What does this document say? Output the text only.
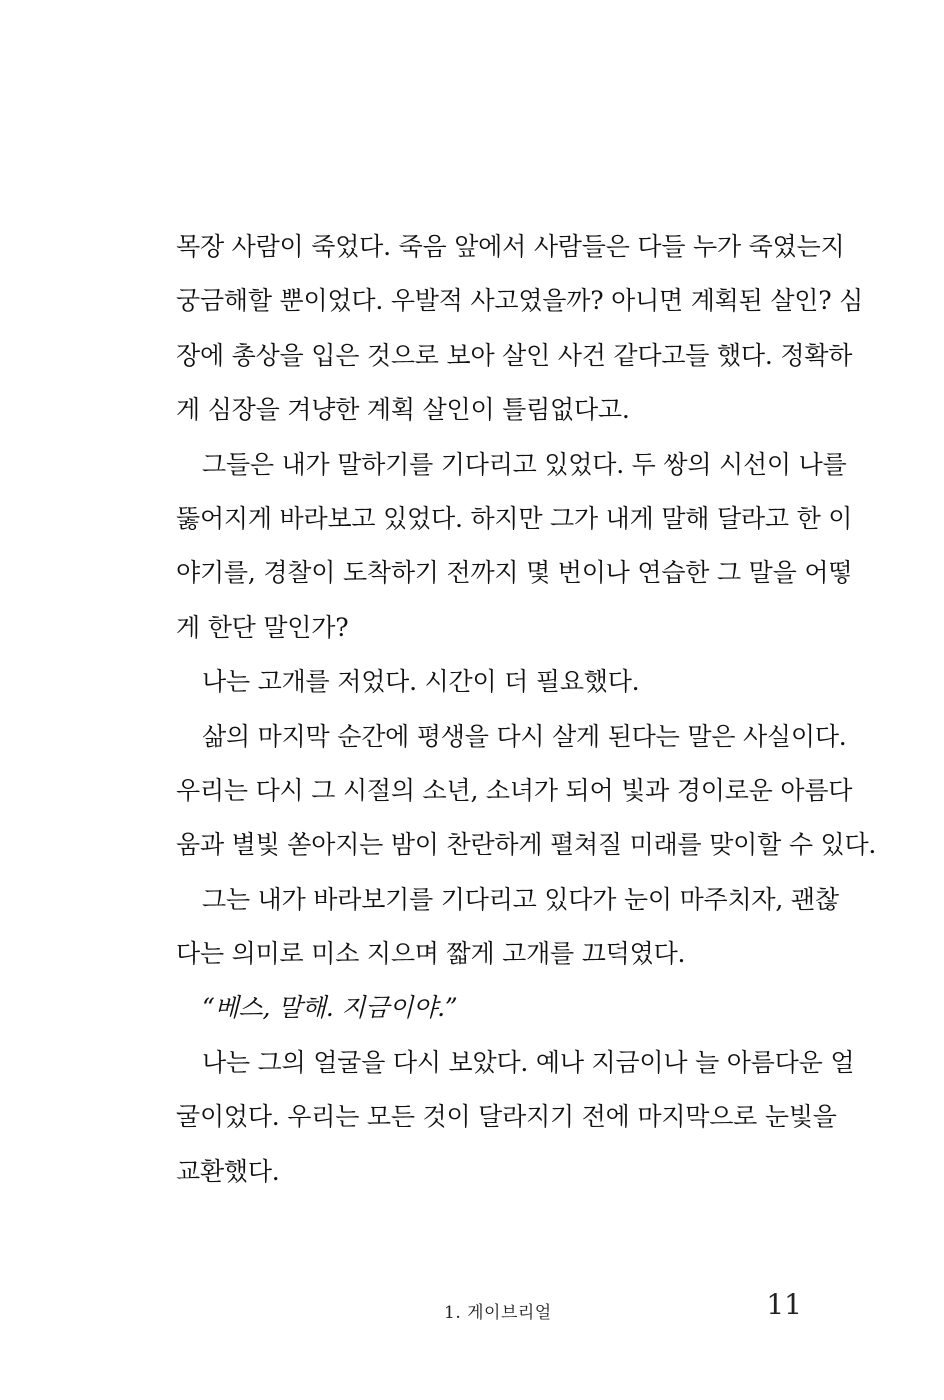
목장 사람이 죽었다. 죽음 앞에서 사람들은 다들 누가 죽였는지
궁금해할 뿐이었다. 우발적 사고였을까? 아니면 계획된 살인? 심
장에 총상을 입은 것으로 보아 살인 사건 같다고들 했다. 정확하
게 심장을 겨냥한 계획 살인이 틀림없다고.
그들은 내가 말하기를 기다리고 있었다. 두 쌍의 시선이 나를
뚫어지게 바라보고 있었다. 하지만 그가 내게 말해 달라고 한 이
야기를, 경찰이 도착하기 전까지 몇 번이나 연습한 그 말을 어떻
게 한단 말인가?
나는 고개를 저었다. 시간이 더 필요했다.
삶의 마지막 순간에 평생을 다시 살게 된다는 말은 사실이다.
우리는 다시 그 시절의 소년, 소녀가 되어 빛과 경이로운 아름다
움과 별빛 쏟아지는 밤이 찬란하게 펼쳐질 미래를 맞이할 수 있다.
그는 내가 바라보기를 기다리고 있다가 눈이 마주치자, 괜찮
다는 의미로 미소 지으며 짧게 고개를 끄덕였다.
“베스, 말해. 지금이야.”
나는 그의 얼굴을 다시 보았다. 예나 지금이나 늘 아름다운 얼
굴이었다. 우리는 모든 것이 달라지기 전에 마지막으로 눈빛을
교환했다.
1. 게이브리얼	11
